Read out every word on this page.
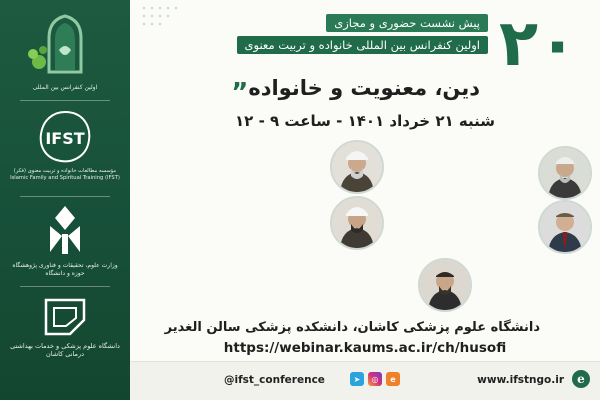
اولین کنفرانس بین المللی
IFST
مؤسسه مطالعات خانواده و تربیت معنوی (فکر) Islamic Family and Spiritual Training (IFST)
وزارت علوم، تحقیقات و فناوری پژوهشگاه حوزه و دانشگاه
دانشگاه علوم پزشکی و خدمات بهداشتی درمانی کاشان
۲۰
پیش نشست حضوری و مجازی
اولین کنفرانس بین المللی خانواده و تربیت معنوی
دین، معنویت و خانواده”
شنبه ۲۱ خرداد ۱۴۰۱ - ساعت ۹ - ۱۲
دانشگاه علوم پزشکی کاشان، دانشکده پزشکی سالن الغدیر
https://webinar.kaums.ac.ir/ch/husofi
@ifst_conference	➤	◎	e	www.ifstngo.ir	e
